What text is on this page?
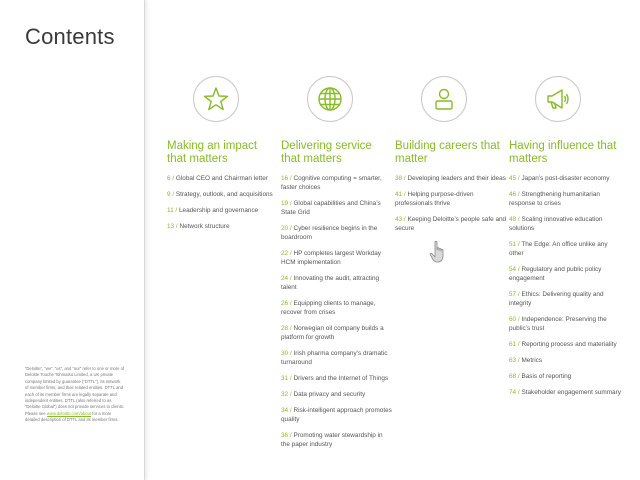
Contents
“Deloitte”, “we”, “us”, and “our” refer to one or more of Deloitte Touche Tohmatsu Limited, a UK private company limited by guarantee (“DTTL”), its network of member firms, and their related entities. DTTL and each of its member firms are legally separate and independent entities. DTTL (also referred to as “Deloitte Global”) does not provide services to clients. Please see www.deloitte.com/about for a more detailed description of DTTL and its member firms.
Making an impact that matters
6 / Global CEO and Chairman letter
9 / Strategy, outlook, and acquisitions
11 / Leadership and governance
13 / Network structure
Delivering service that matters
16 / Cognitive computing = smarter, faster choices
19 / Global capabilities and China’s State Grid
20 / Cyber resilience begins in the boardroom
22 / HP completes largest Workday HCM implementation
24 / Innovating the audit, attracting talent
26 / Equipping clients to manage, recover from crises
28 / Norwegian oil company builds a platform for growth
30 / Irish pharma company’s dramatic turnaround
31 / Drivers and the Internet of Things
32 / Data privacy and security
34 / Risk-intelligent approach promotes quality
36 / Promoting water stewardship in the paper industry
Building careers that matter
38 / Developing leaders and their ideas
41 / Helping purpose-driven professionals thrive
43 / Keeping Deloitte’s people safe and secure
Having influence that matters
45 / Japan’s post-disaster economy
46 / Strengthening humanitarian response to crises
48 / Scaling innovative education solutions
51 / The Edge: An office unlike any other
54 / Regulatory and public policy engagement
57 / Ethics: Delivering quality and integrity
60 / Independence: Preserving the public’s trust
61 / Reporting process and materiality
63 / Metrics
68 / Basis of reporting
74 / Stakeholder engagement summary
